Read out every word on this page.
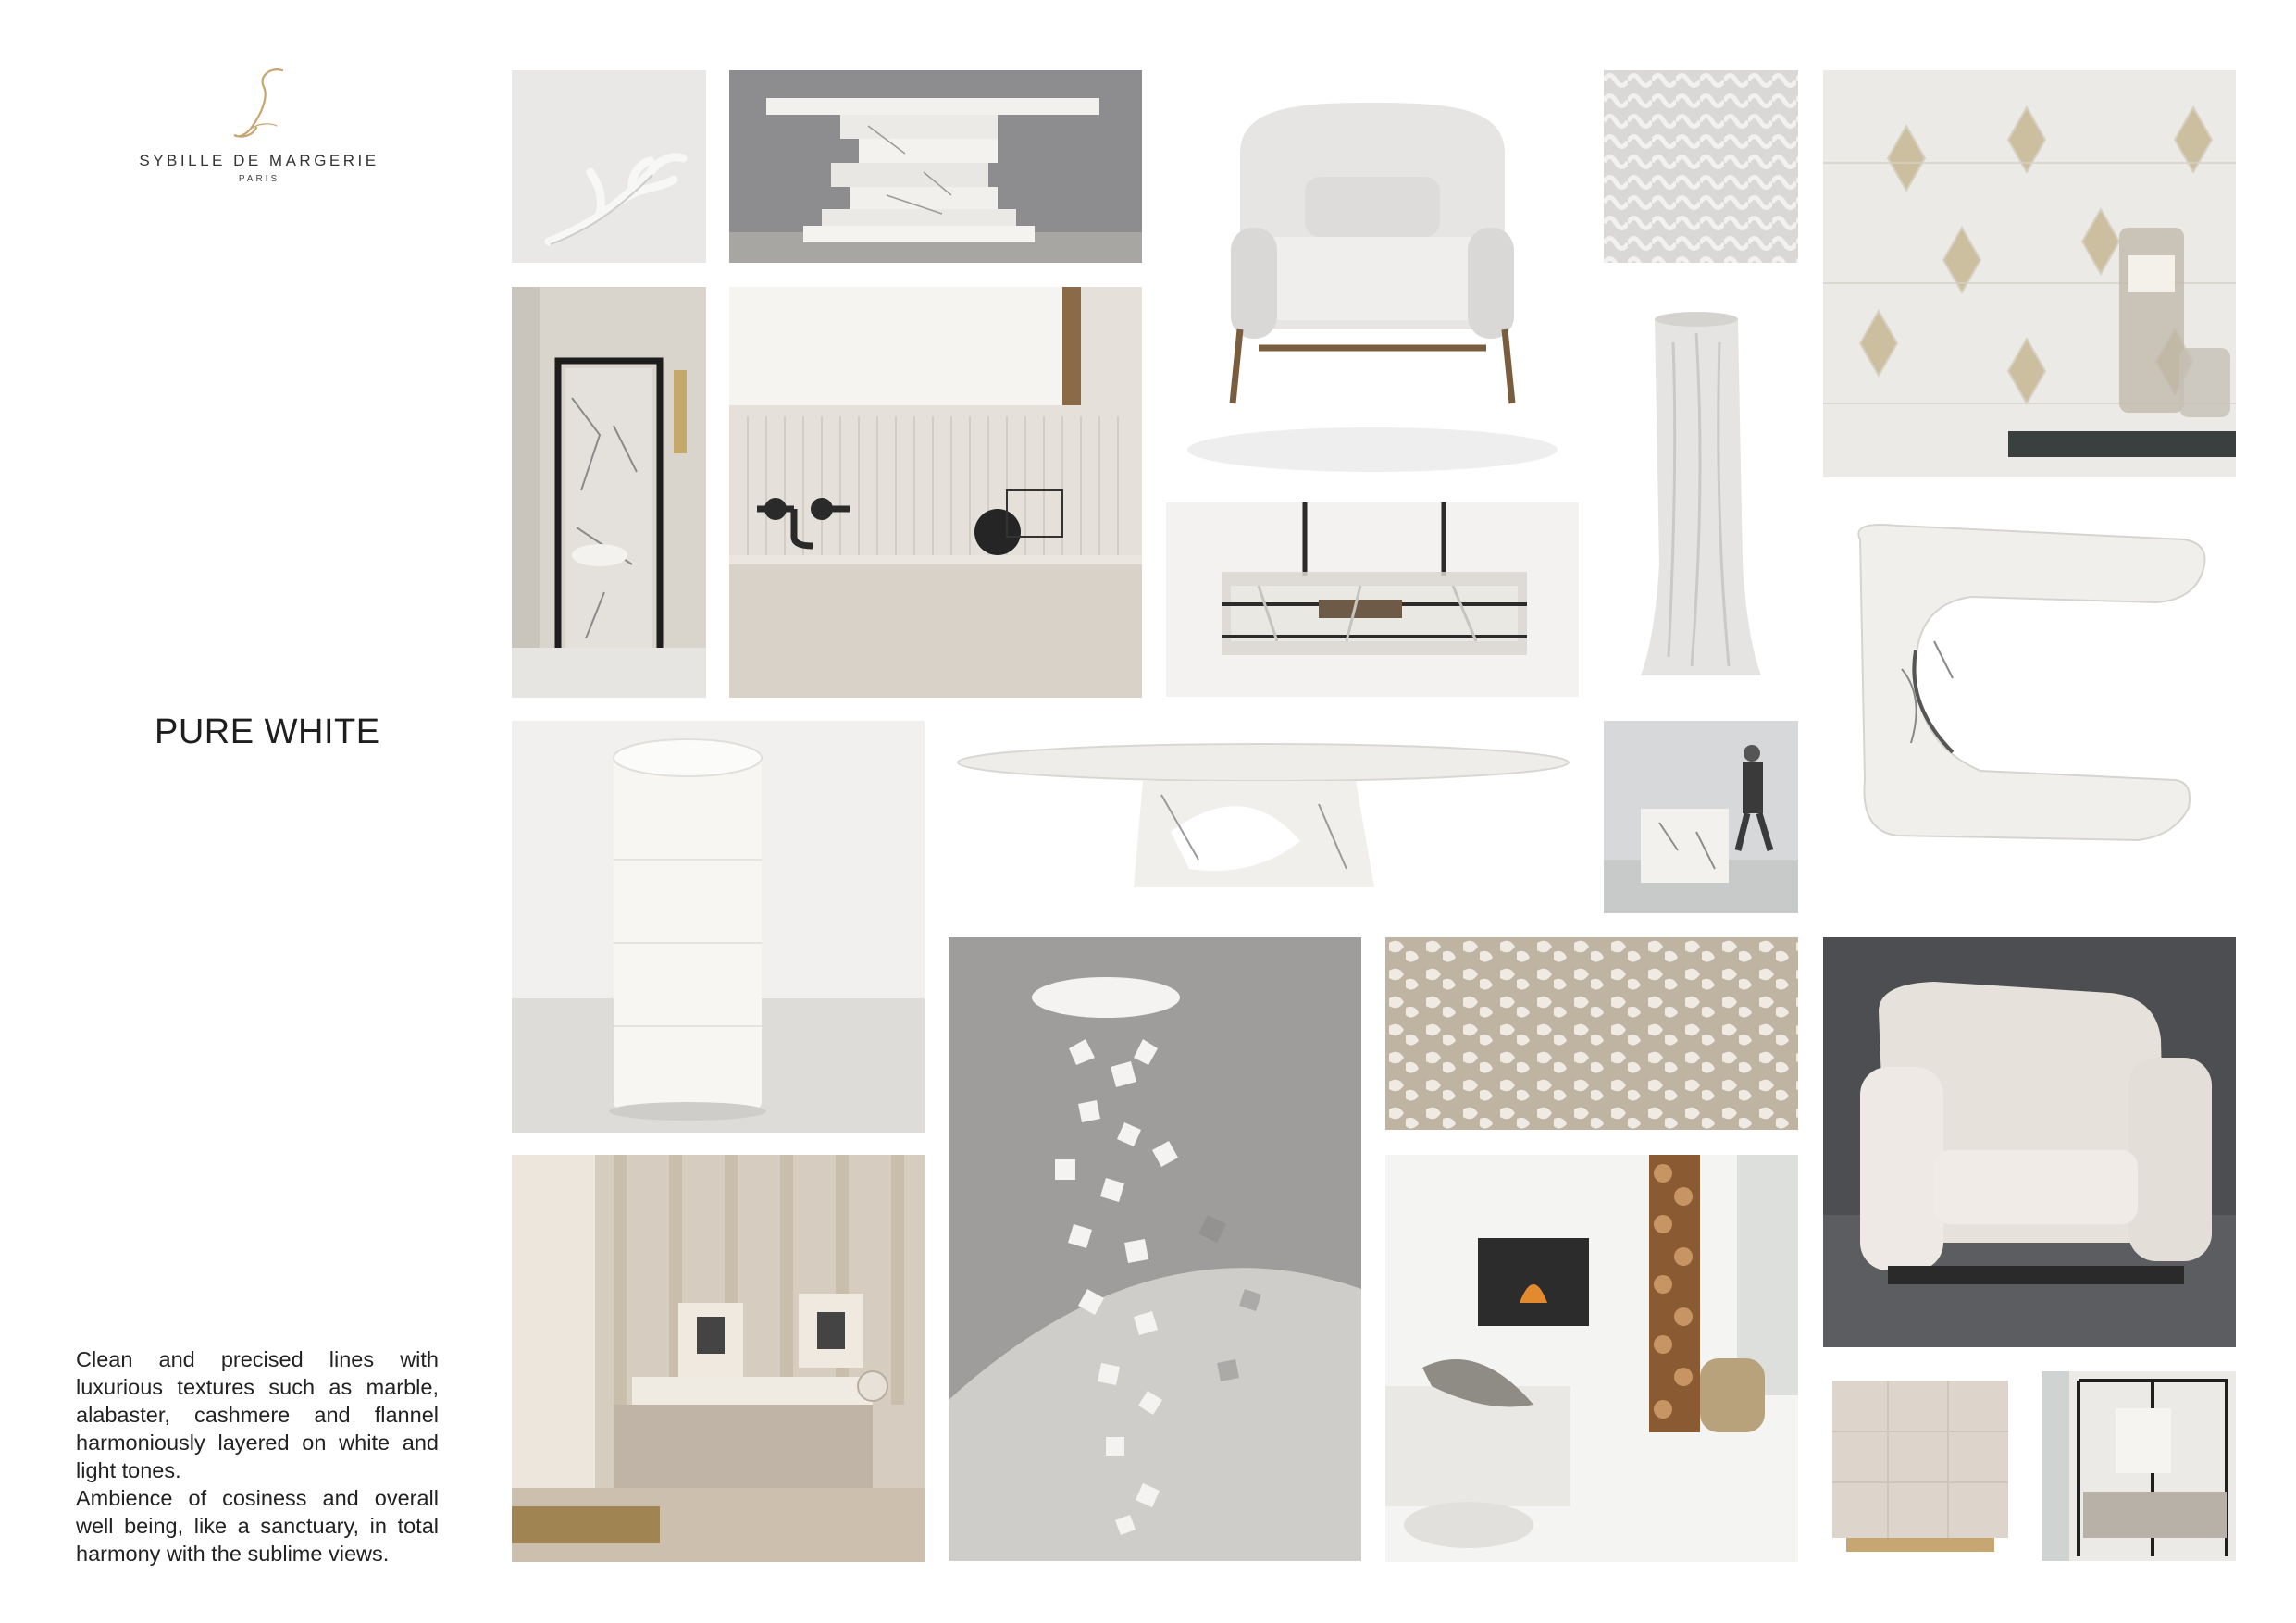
SYBILLE DE MARGERIE
PARIS
PURE WHITE

Clean and precised lines with luxurious textures such as marble, alabaster, cashmere and flannel harmoniously layered on white and light tones.

Ambience of cosiness and overall well being, like a sanctuary, in total harmony with the sublime views.
